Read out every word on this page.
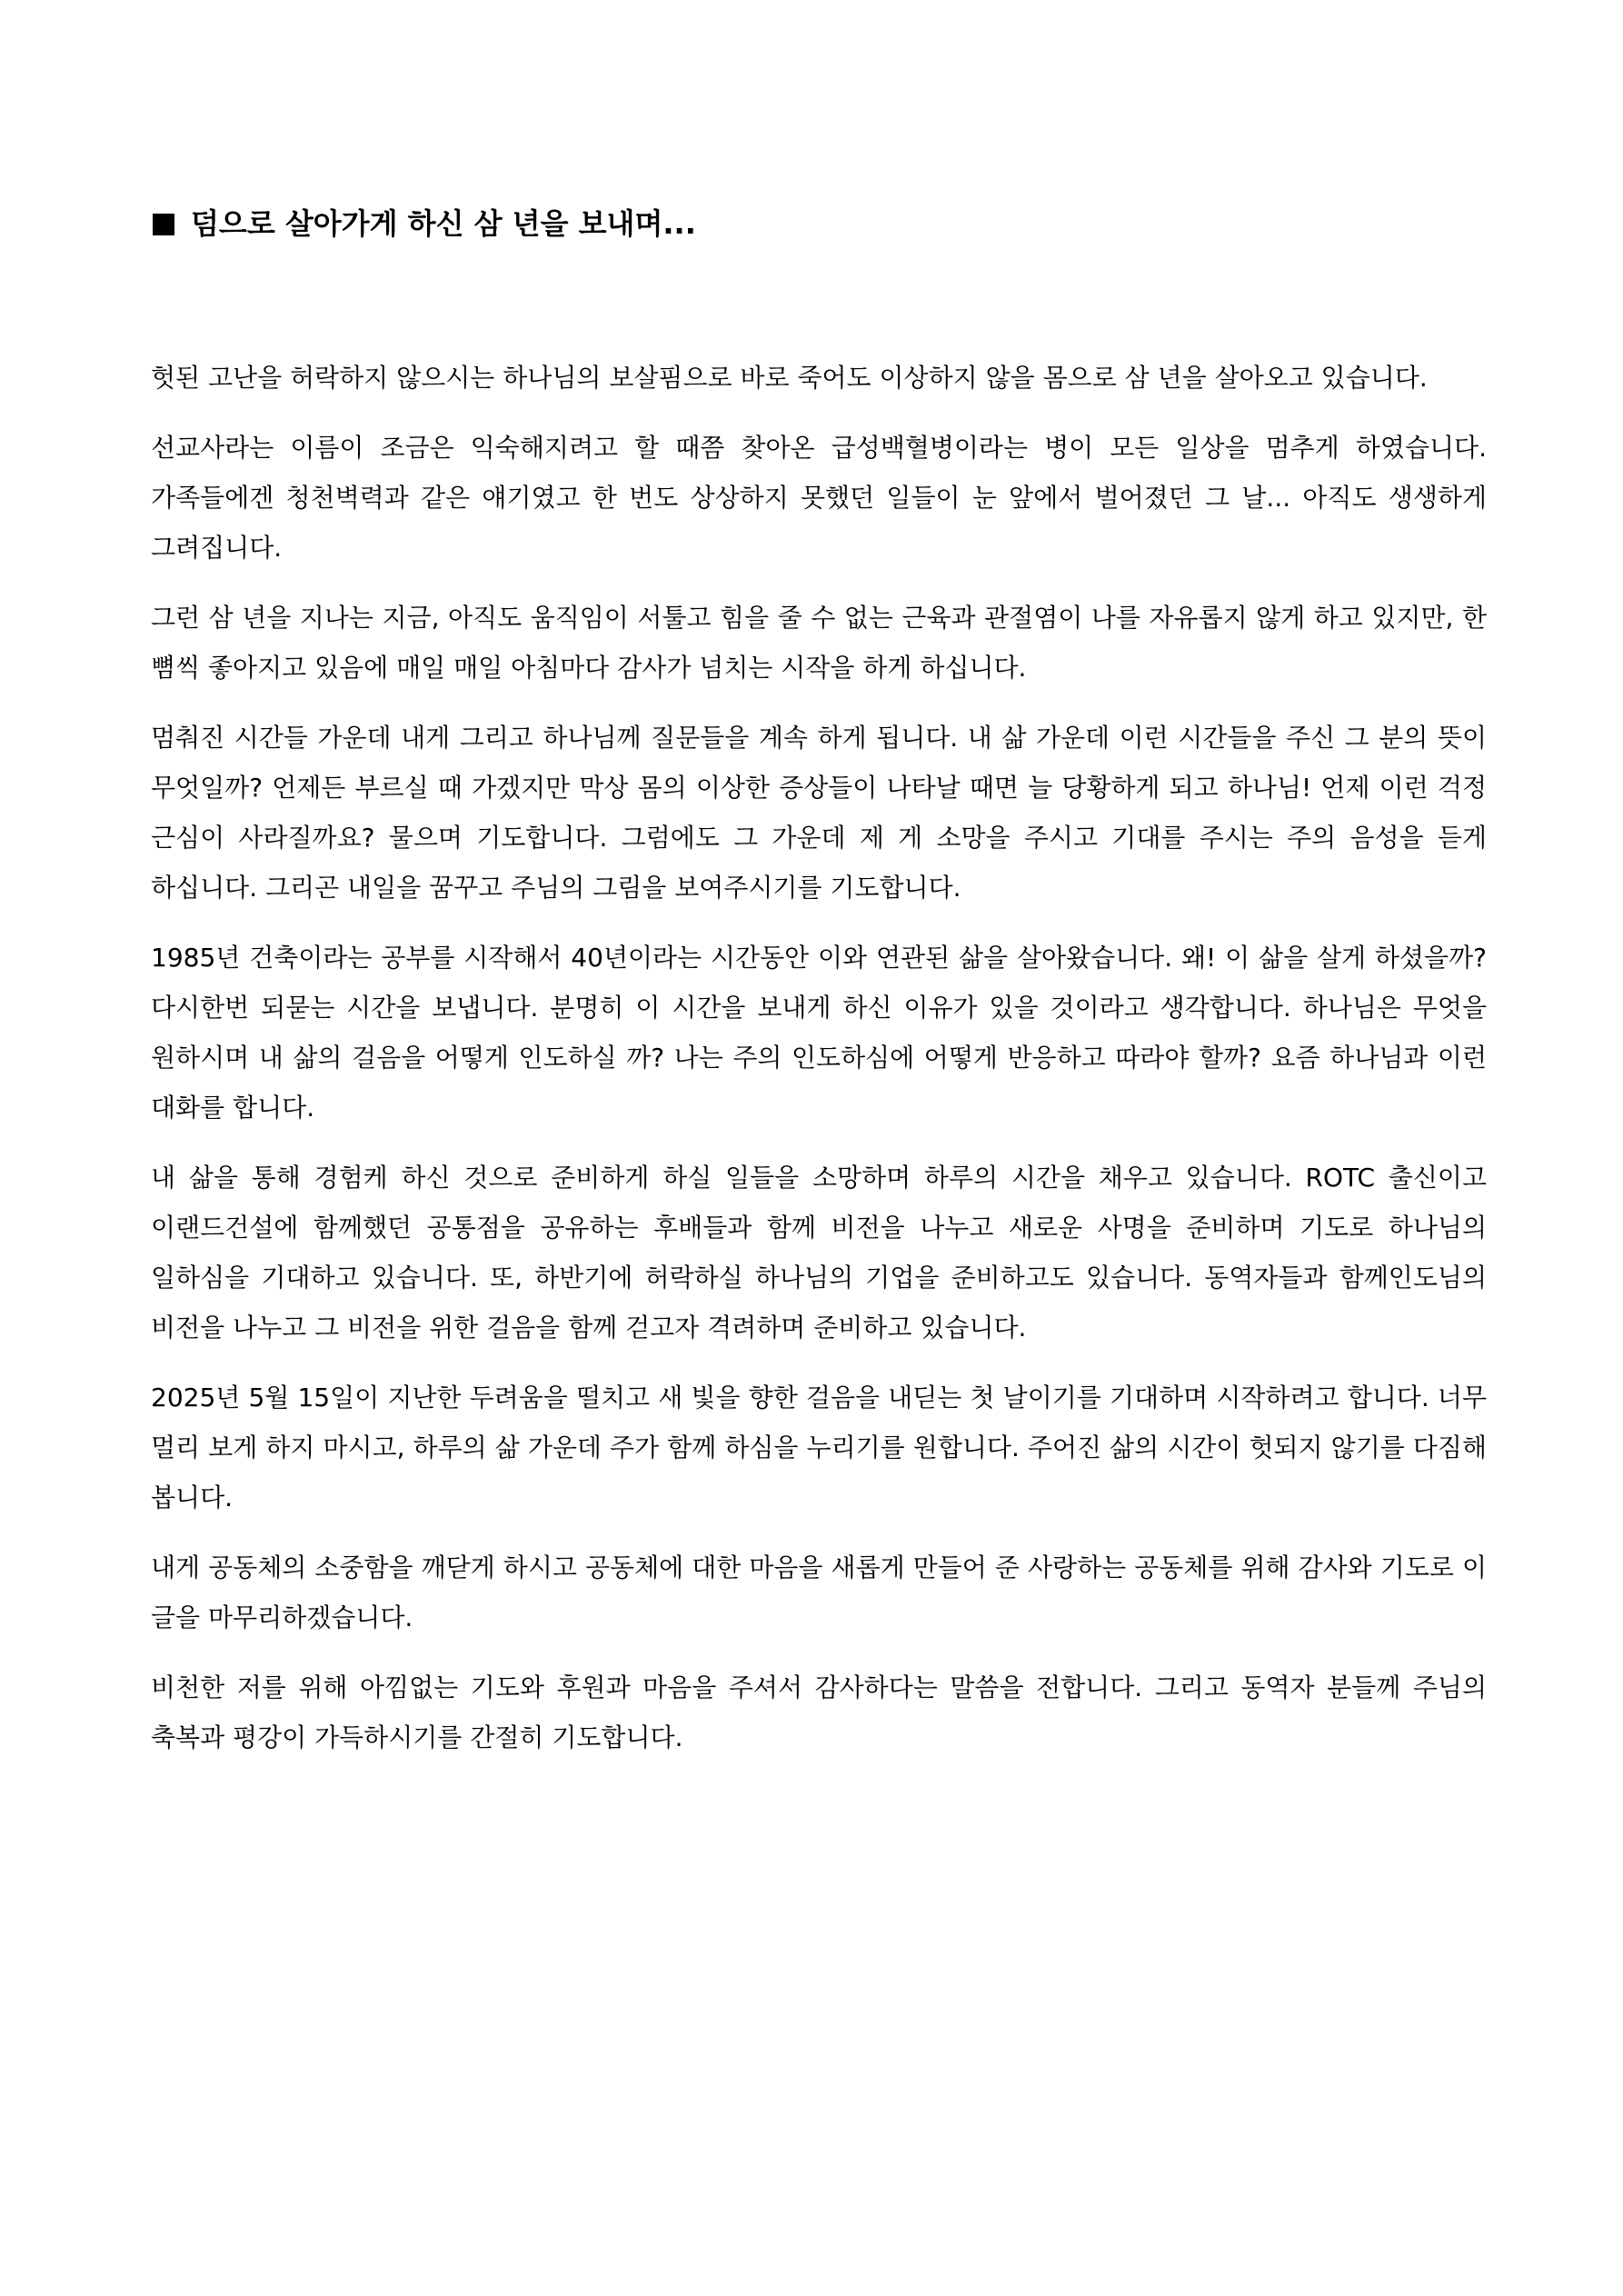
덤으로 살아가게 하신 삼 년을 보내며...

헛된 고난을 허락하지 않으시는 하나님의 보살핌으로 바로 죽어도 이상하지 않을 몸으로 삼 년을 살아오고 있습니다.

선교사라는 이름이 조금은 익숙해지려고 할 때쯤 찾아온 급성백혈병이라는 병이 모든 일상을 멈추게 하였습니다. 가족들에겐 청천벽력과 같은 얘기였고 한 번도 상상하지 못했던 일들이 눈 앞에서 벌어졌던 그 날... 아직도 생생하게 그려집니다.

그런 삼 년을 지나는 지금, 아직도 움직임이 서툴고 힘을 줄 수 없는 근육과 관절염이 나를 자유롭지 않게 하고 있지만, 한 뼘씩 좋아지고 있음에 매일 매일 아침마다 감사가 넘치는 시작을 하게 하십니다.

멈춰진 시간들 가운데 내게 그리고 하나님께 질문들을 계속 하게 됩니다. 내 삶 가운데 이런 시간들을 주신 그 분의 뜻이 무엇일까? 언제든 부르실 때 가겠지만 막상 몸의 이상한 증상들이 나타날 때면 늘 당황하게 되고 하나님! 언제 이런 걱정 근심이 사라질까요? 물으며 기도합니다. 그럼에도 그 가운데 제 게 소망을 주시고 기대를 주시는 주의 음성을 듣게 하십니다. 그리곤 내일을 꿈꾸고 주님의 그림을 보여주시기를 기도합니다.

1985년 건축이라는 공부를 시작해서 40년이라는 시간동안 이와 연관된 삶을 살아왔습니다. 왜! 이 삶을 살게 하셨을까? 다시한번 되묻는 시간을 보냅니다. 분명히 이 시간을 보내게 하신 이유가 있을 것이라고 생각합니다. 하나님은 무엇을 원하시며 내 삶의 걸음을 어떻게 인도하실 까? 나는 주의 인도하심에 어떻게 반응하고 따라야 할까? 요즘 하나님과 이런 대화를 합니다.

내 삶을 통해 경험케 하신 것으로 준비하게 하실 일들을 소망하며 하루의 시간을 채우고 있습니다. ROTC 출신이고 이랜드건설에 함께했던 공통점을 공유하는 후배들과 함께 비전을 나누고 새로운 사명을 준비하며 기도로 하나님의 일하심을 기대하고 있습니다. 또, 하반기에 허락하실 하나님의 기업을 준비하고도 있습니다. 동역자들과 함께인도님의 비전을 나누고 그 비전을 위한 걸음을 함께 걷고자 격려하며 준비하고 있습니다.

2025년 5월 15일이 지난한 두려움을 떨치고 새 빛을 향한 걸음을 내딛는 첫 날이기를 기대하며 시작하려고 합니다. 너무 멀리 보게 하지 마시고, 하루의 삶 가운데 주가 함께 하심을 누리기를 원합니다. 주어진 삶의 시간이 헛되지 않기를 다짐해 봅니다.

내게 공동체의 소중함을 깨닫게 하시고 공동체에 대한 마음을 새롭게 만들어 준 사랑하는 공동체를 위해 감사와 기도로 이 글을 마무리하겠습니다.

비천한 저를 위해 아낌없는 기도와 후원과 마음을 주셔서 감사하다는 말씀을 전합니다. 그리고 동역자 분들께 주님의 축복과 평강이 가득하시기를 간절히 기도합니다.
